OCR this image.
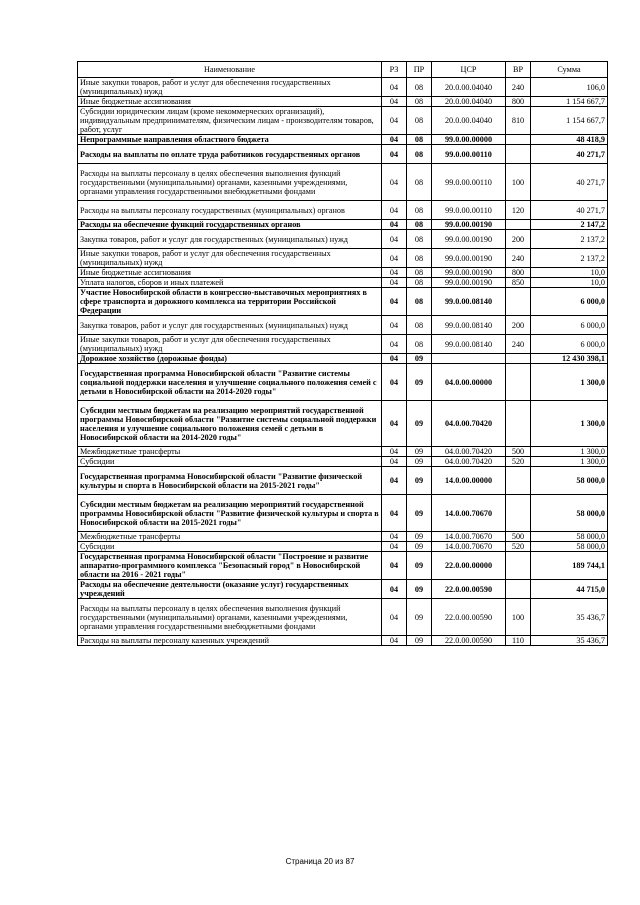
Наименование	РЗ	ПР	ЦСР	ВР	Сумма
Иные закупки товаров, работ и услуг для обеспечения государственных (муниципальных) нужд	04	08	20.0.00.04040	240	106,0
Иные бюджетные ассигнования	04	08	20.0.00.04040	800	1 154 667,7
Субсидии юридическим лицам (кроме некоммерческих организаций), индивидуальным предпринимателям, физическим лицам - производителям товаров, работ, услуг	04	08	20.0.00.04040	810	1 154 667,7
Непрограммные направления областного бюджета	04	08	99.0.00.00000		48 418,9
Расходы на выплаты по оплате труда работников государственных органов	04	08	99.0.00.00110		40 271,7
Расходы на выплаты персоналу в целях обеспечения выполнения функций государственными (муниципальными) органами, казенными учреждениями, органами управления государственными внебюджетными фондами	04	08	99.0.00.00110	100	40 271,7
Расходы на выплаты персоналу государственных (муниципальных) органов	04	08	99.0.00.00110	120	40 271,7
Расходы на обеспечение функций государственных органов	04	08	99.0.00.00190		2 147,2
Закупка товаров, работ и услуг для государственных (муниципальных) нужд	04	08	99.0.00.00190	200	2 137,2
Иные закупки товаров, работ и услуг для обеспечения государственных (муниципальных) нужд	04	08	99.0.00.00190	240	2 137,2
Иные бюджетные ассигнования	04	08	99.0.00.00190	800	10,0
Уплата налогов, сборов и иных платежей	04	08	99.0.00.00190	850	10,0
Участие Новосибирской области в конгрессно-выставочных мероприятиях в сфере транспорта и дорожного комплекса на территории Российской Федерации	04	08	99.0.00.08140		6 000,0
Закупка товаров, работ и услуг для государственных (муниципальных) нужд	04	08	99.0.00.08140	200	6 000,0
Иные закупки товаров, работ и услуг для обеспечения государственных (муниципальных) нужд	04	08	99.0.00.08140	240	6 000,0
Дорожное хозяйство (дорожные фонды)	04	09			12 430 398,1
Государственная программа Новосибирской области "Развитие системы социальной поддержки населения и улучшение социального положения семей с детьми в Новосибирской области на 2014-2020 годы"	04	09	04.0.00.00000		1 300,0
Субсидии местным бюджетам на реализацию мероприятий государственной программы Новосибирской области "Развитие системы социальной поддержки населения и улучшение социального положения семей с детьми в Новосибирской области на 2014-2020 годы"	04	09	04.0.00.70420		1 300,0
Межбюджетные трансферты	04	09	04.0.00.70420	500	1 300,0
Субсидии	04	09	04.0.00.70420	520	1 300,0
Государственная программа Новосибирской области "Развитие физической культуры и спорта в Новосибирской области на 2015-2021 годы"	04	09	14.0.00.00000		58 000,0
Субсидии местным бюджетам на реализацию мероприятий государственной программы Новосибирской области "Развитие физической культуры и спорта в Новосибирской области на 2015-2021 годы"	04	09	14.0.00.70670		58 000,0
Межбюджетные трансферты	04	09	14.0.00.70670	500	58 000,0
Субсидии	04	09	14.0.00.70670	520	58 000,0
Государственная программа Новосибирской области "Построение и развитие аппаратно-программного комплекса "Безопасный город" в Новосибирской области на 2016 - 2021 годы"	04	09	22.0.00.00000		189 744,1
Расходы на обеспечение деятельности (оказание услуг) государственных учреждений	04	09	22.0.00.00590		44 715,0
Расходы на выплаты персоналу в целях обеспечения выполнения функций государственными (муниципальными) органами, казенными учреждениями, органами управления государственными внебюджетными фондами	04	09	22.0.00.00590	100	35 436,7
Расходы на выплаты персоналу казенных учреждений	04	09	22.0.00.00590	110	35 436,7
Страница 20 из 87
